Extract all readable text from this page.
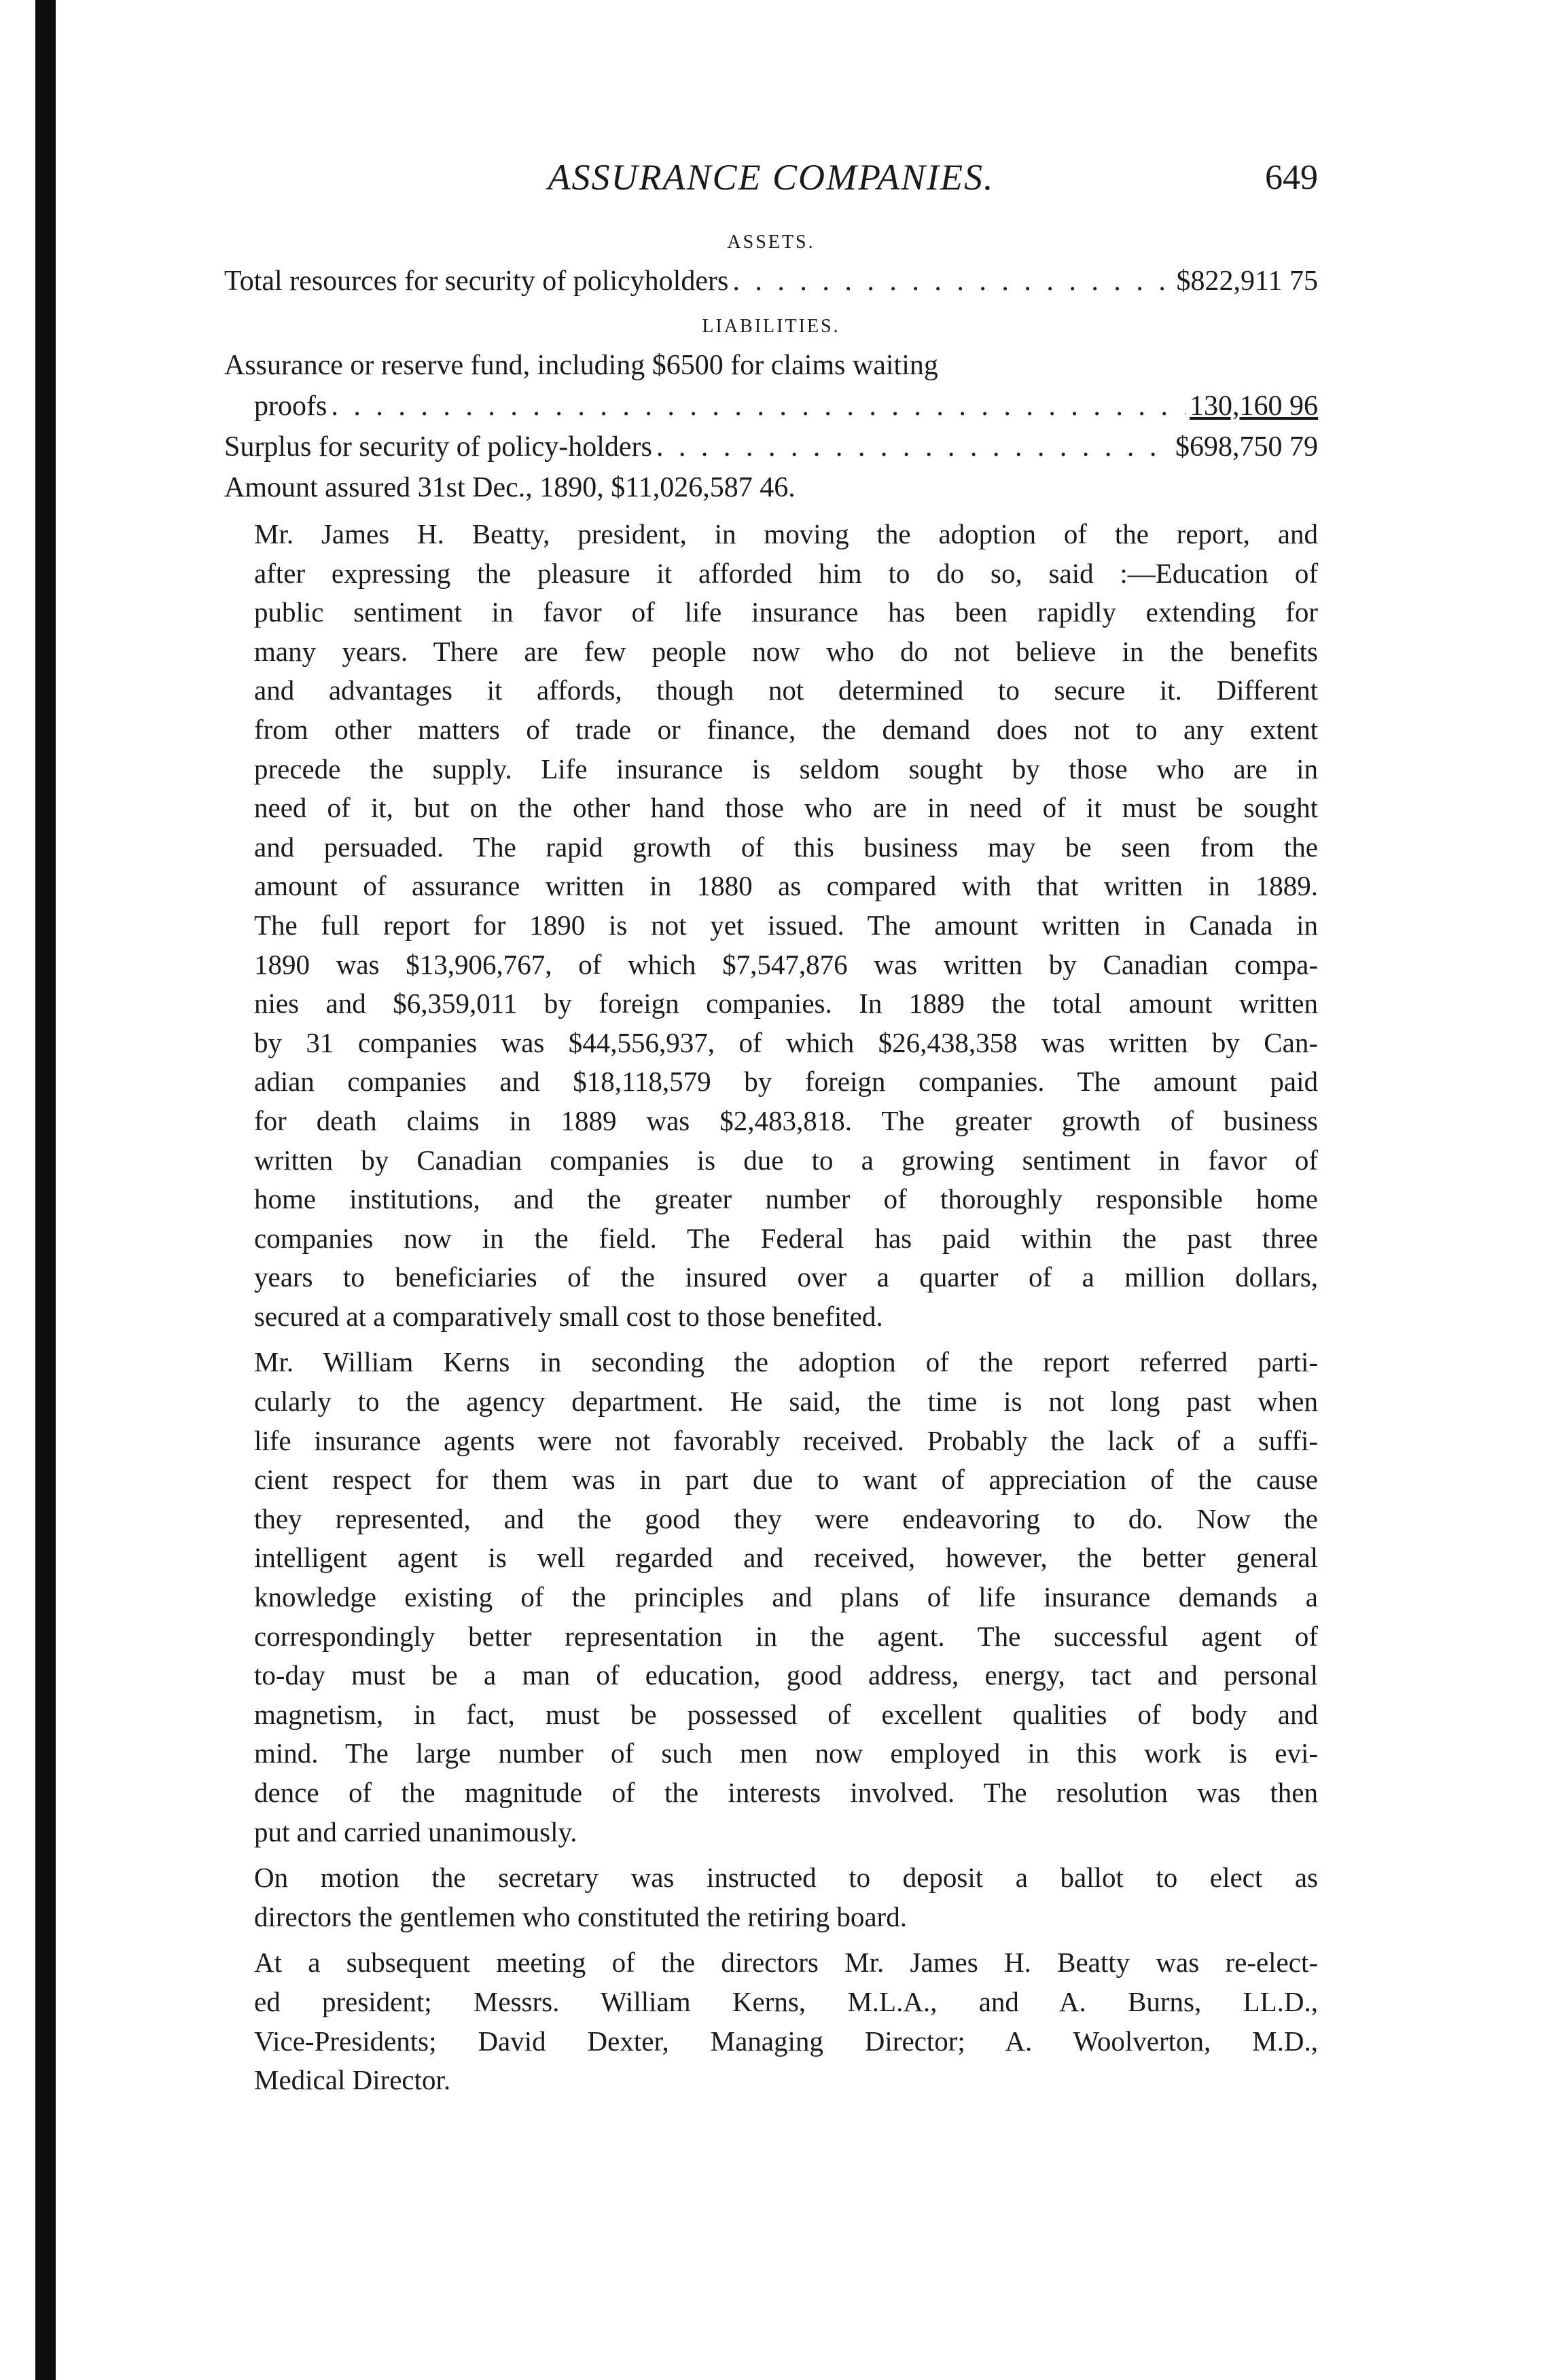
ASSURANCE COMPANIES.	649
ASSETS.
Total resources for security of policyholders . . .	$822,911 75
LIABILITIES.
Assurance or reserve fund, including $6500 for claims waiting
proofs . . .	130,160 96
Surplus for security of policy-holders . . .	$698,750 79
Amount assured 31st Dec., 1890, $11,026,587 46.

Mr. James H. Beatty, president, in moving the adoption of the report, and
after expressing the pleasure it afforded him to do so, said :—Education of
public sentiment in favor of life insurance has been rapidly extending for
many years. There are few people now who do not believe in the benefits
and advantages it affords, though not determined to secure it. Different
from other matters of trade or finance, the demand does not to any extent
precede the supply. Life insurance is seldom sought by those who are in
need of it, but on the other hand those who are in need of it must be sought
and persuaded. The rapid growth of this business may be seen from the
amount of assurance written in 1880 as compared with that written in 1889.
The full report for 1890 is not yet issued. The amount written in Canada in
1890 was $13,906,767, of which $7,547,876 was written by Canadian compa-
nies and $6,359,011 by foreign companies. In 1889 the total amount written
by 31 companies was $44,556,937, of which $26,438,358 was written by Can-
adian companies and $18,118,579 by foreign companies. The amount paid
for death claims in 1889 was $2,483,818. The greater growth of business
written by Canadian companies is due to a growing sentiment in favor of
home institutions, and the greater number of thoroughly responsible home
companies now in the field. The Federal has paid within the past three
years to beneficiaries of the insured over a quarter of a million dollars,
secured at a comparatively small cost to those benefited.

Mr. William Kerns in seconding the adoption of the report referred parti-
cularly to the agency department. He said, the time is not long past when
life insurance agents were not favorably received. Probably the lack of a suffi-
cient respect for them was in part due to want of appreciation of the cause
they represented, and the good they were endeavoring to do. Now the
intelligent agent is well regarded and received, however, the better general
knowledge existing of the principles and plans of life insurance demands a
correspondingly better representation in the agent. The successful agent of
to-day must be a man of education, good address, energy, tact and personal
magnetism, in fact, must be possessed of excellent qualities of body and
mind. The large number of such men now employed in this work is evi-
dence of the magnitude of the interests involved. The resolution was then
put and carried unanimously.

On motion the secretary was instructed to deposit a ballot to elect as
directors the gentlemen who constituted the retiring board.

At a subsequent meeting of the directors Mr. James H. Beatty was re-elect-
ed president; Messrs. William Kerns, M.L.A., and A. Burns, LL.D.,
Vice-Presidents; David Dexter, Managing Director; A. Woolverton, M.D.,
Medical Director.
